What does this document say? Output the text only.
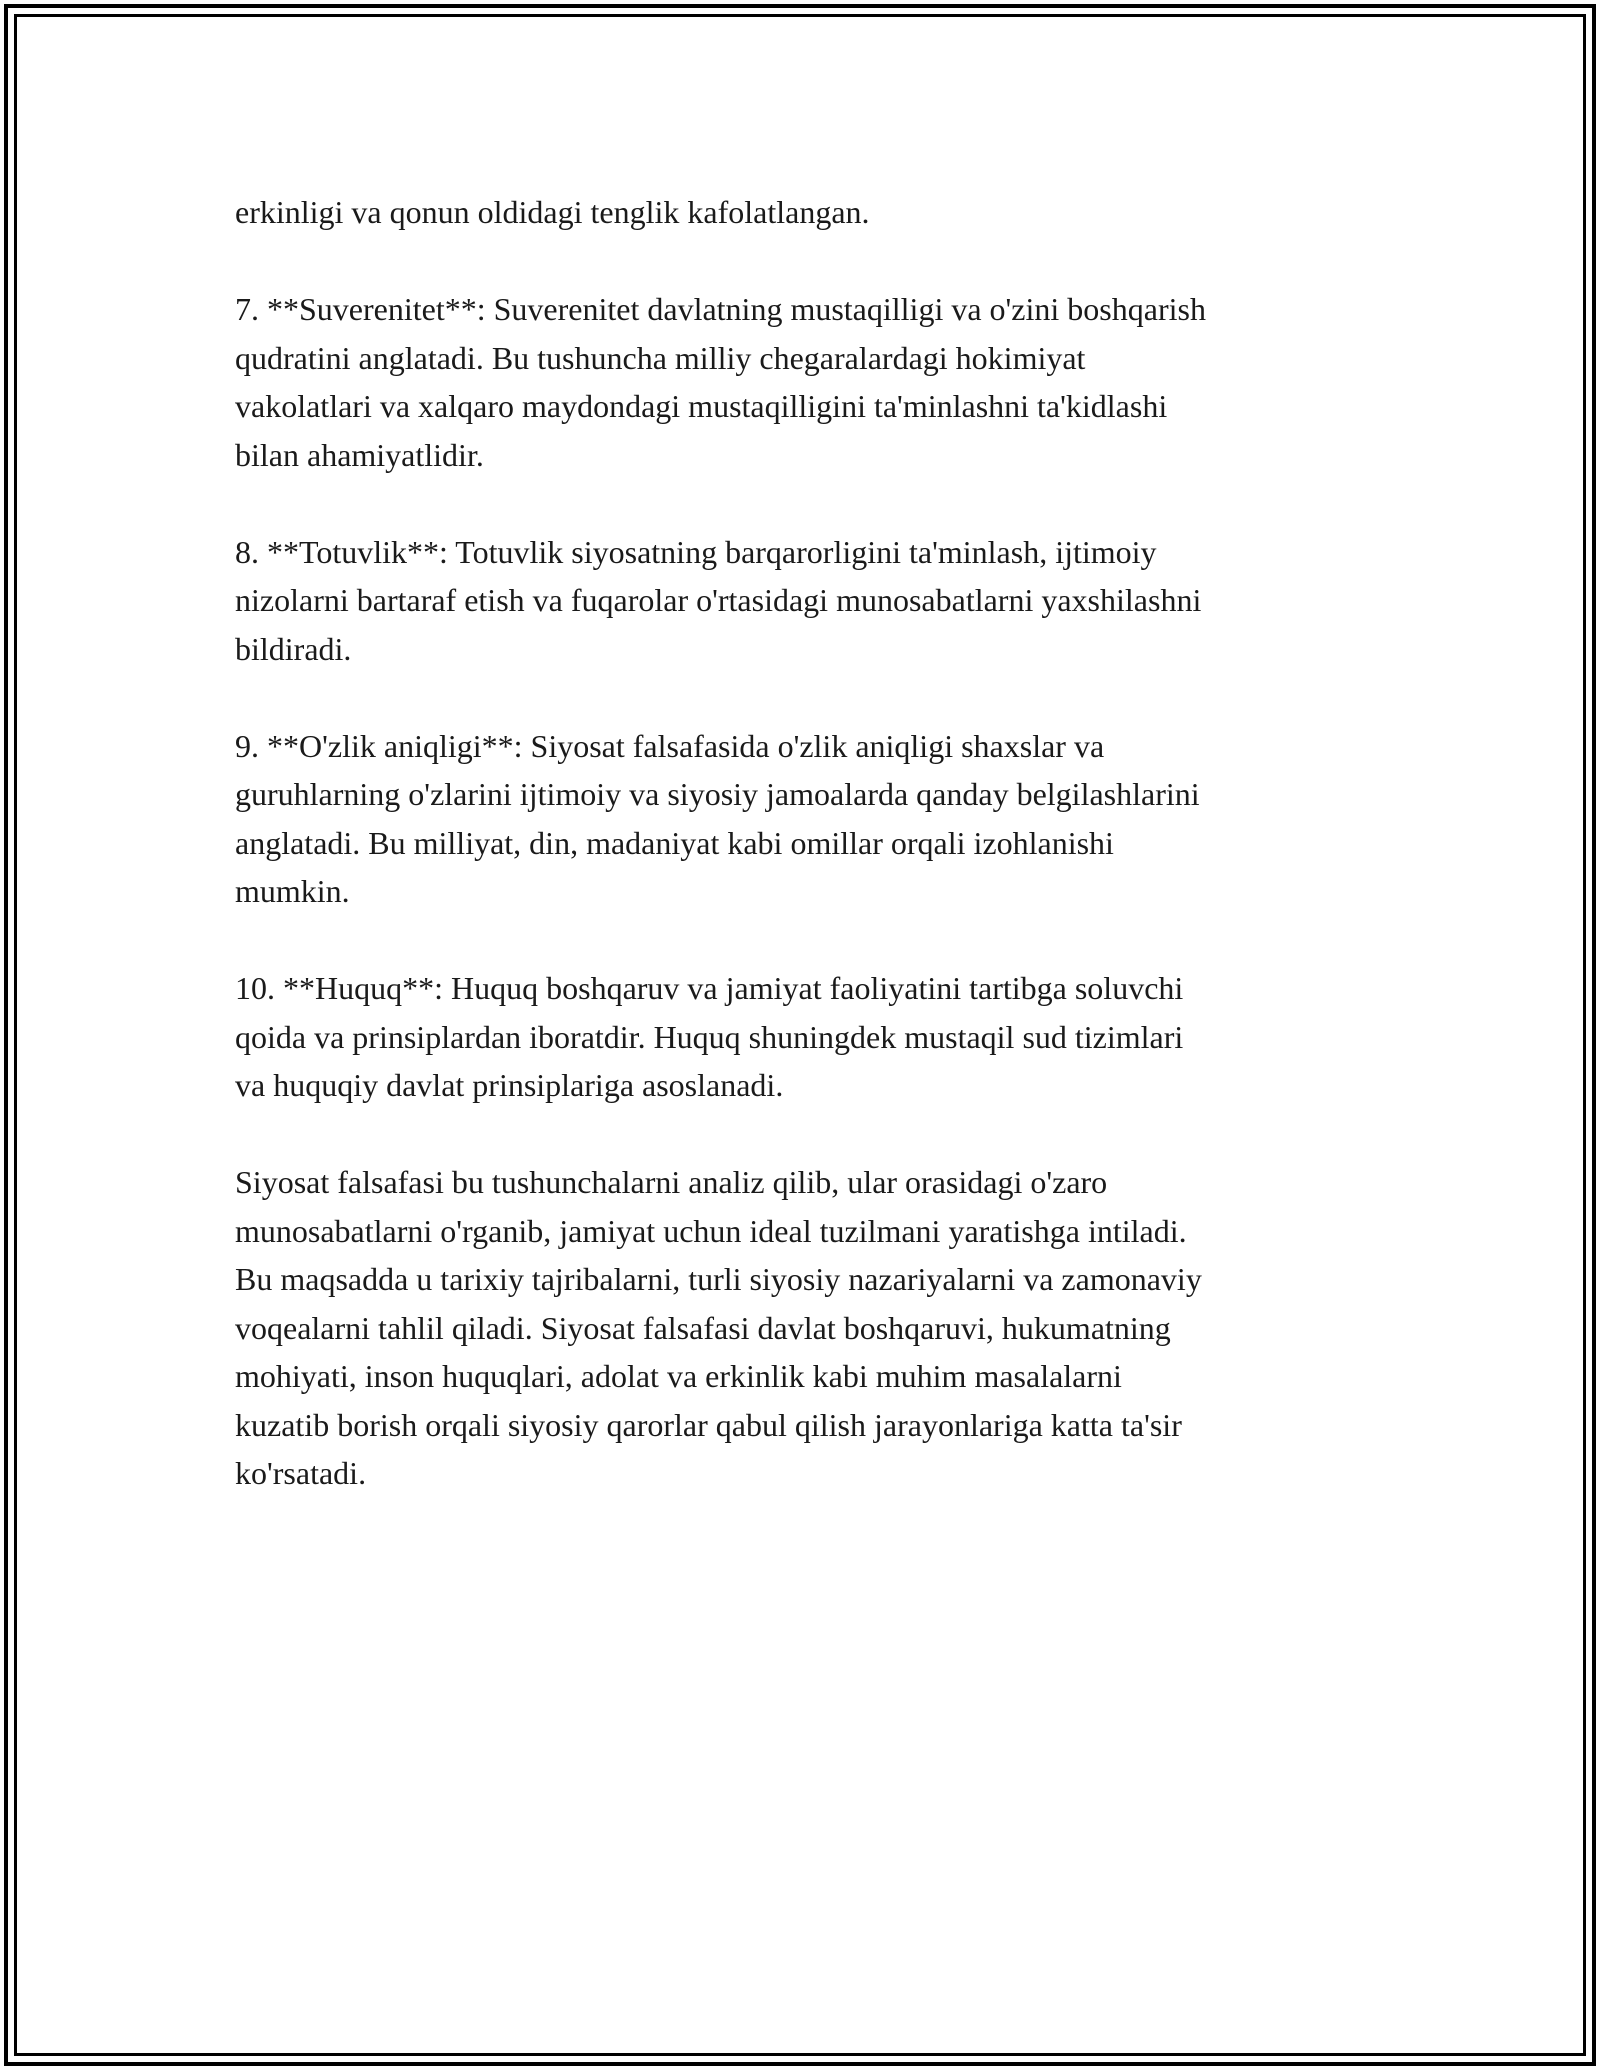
erkinligi va qonun oldidagi tenglik kafolatlangan.
7. **Suverenitet**: Suverenitet davlatning mustaqilligi va o'zini boshqarish
qudratini anglatadi. Bu tushuncha milliy chegaralardagi hokimiyat
vakolatlari va xalqaro maydondagi mustaqilligini ta'minlashni ta'kidlashi
bilan ahamiyatlidir.
8. **Totuvlik**: Totuvlik siyosatning barqarorligini ta'minlash, ijtimoiy
nizolarni bartaraf etish va fuqarolar o'rtasidagi munosabatlarni yaxshilashni
bildiradi.
9. **O'zlik aniqligi**: Siyosat falsafasida o'zlik aniqligi shaxslar va
guruhlarning o'zlarini ijtimoiy va siyosiy jamoalarda qanday belgilashlarini
anglatadi. Bu milliyat, din, madaniyat kabi omillar orqali izohlanishi
mumkin.
10. **Huquq**: Huquq boshqaruv va jamiyat faoliyatini tartibga soluvchi
qoida va prinsiplardan iboratdir. Huquq shuningdek mustaqil sud tizimlari
va huquqiy davlat prinsiplariga asoslanadi.
Siyosat falsafasi bu tushunchalarni analiz qilib, ular orasidagi o'zaro
munosabatlarni o'rganib, jamiyat uchun ideal tuzilmani yaratishga intiladi.
Bu maqsadda u tarixiy tajribalarni, turli siyosiy nazariyalarni va zamonaviy
voqealarni tahlil qiladi. Siyosat falsafasi davlat boshqaruvi, hukumatning
mohiyati, inson huquqlari, adolat va erkinlik kabi muhim masalalarni
kuzatib borish orqali siyosiy qarorlar qabul qilish jarayonlariga katta ta'sir
ko'rsatadi.
